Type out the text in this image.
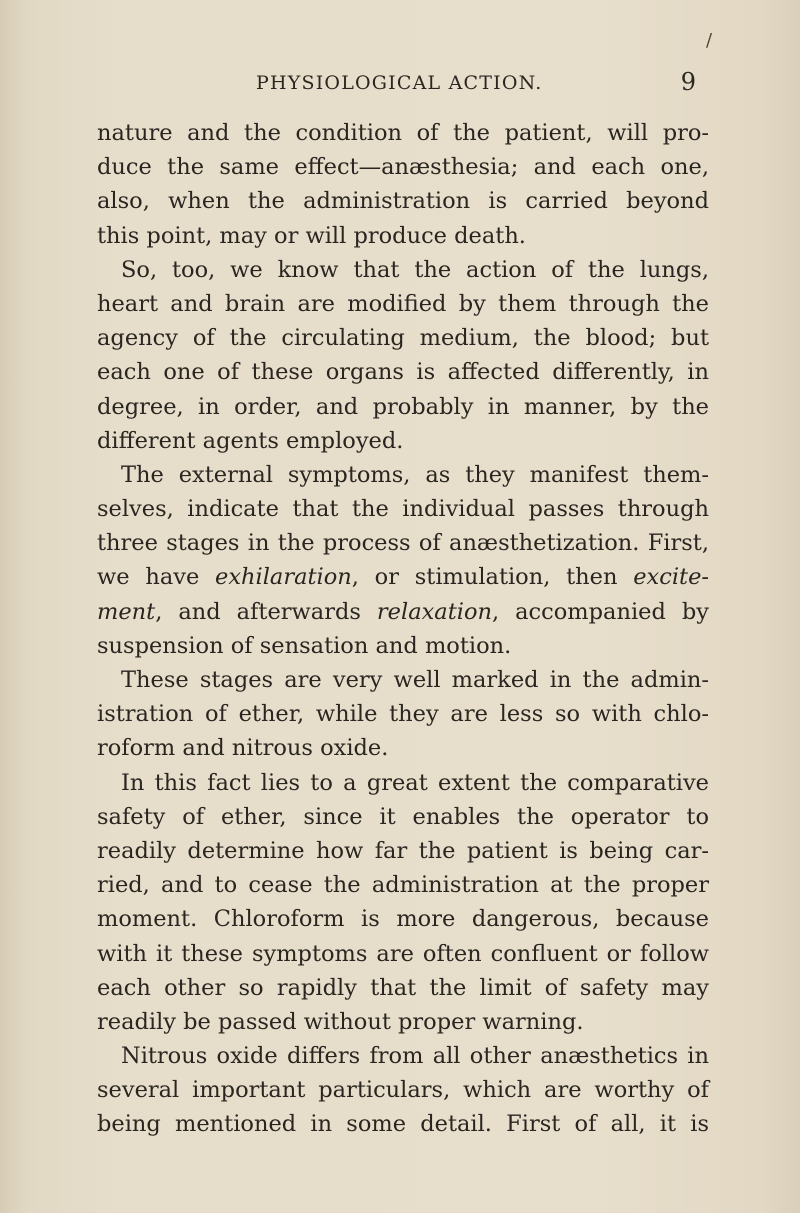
/
PHYSIOLOGICAL ACTION.	9
nature and the condition of the patient, will pro-
duce the same effect—anæsthesia; and each one,
also, when the administration is carried beyond
this point, may or will produce death.
So, too, we know that the action of the lungs,
heart and brain are modified by them through the
agency of the circulating medium, the blood; but
each one of these organs is affected differently, in
degree, in order, and probably in manner, by the
different agents employed.
The external symptoms, as they manifest them-
selves, indicate that the individual passes through
three stages in the process of anæsthetization. First,
we have exhilaration, or stimulation, then excite-
ment, and afterwards relaxation, accompanied by
suspension of sensation and motion.
These stages are very well marked in the admin-
istration of ether, while they are less so with chlo-
roform and nitrous oxide.
In this fact lies to a great extent the comparative
safety of ether, since it enables the operator to
readily determine how far the patient is being car-
ried, and to cease the administration at the proper
moment. Chloroform is more dangerous, because
with it these symptoms are often confluent or follow
each other so rapidly that the limit of safety may
readily be passed without proper warning.
Nitrous oxide differs from all other anæsthetics in
several important particulars, which are worthy of
being mentioned in some detail. First of all, it is
